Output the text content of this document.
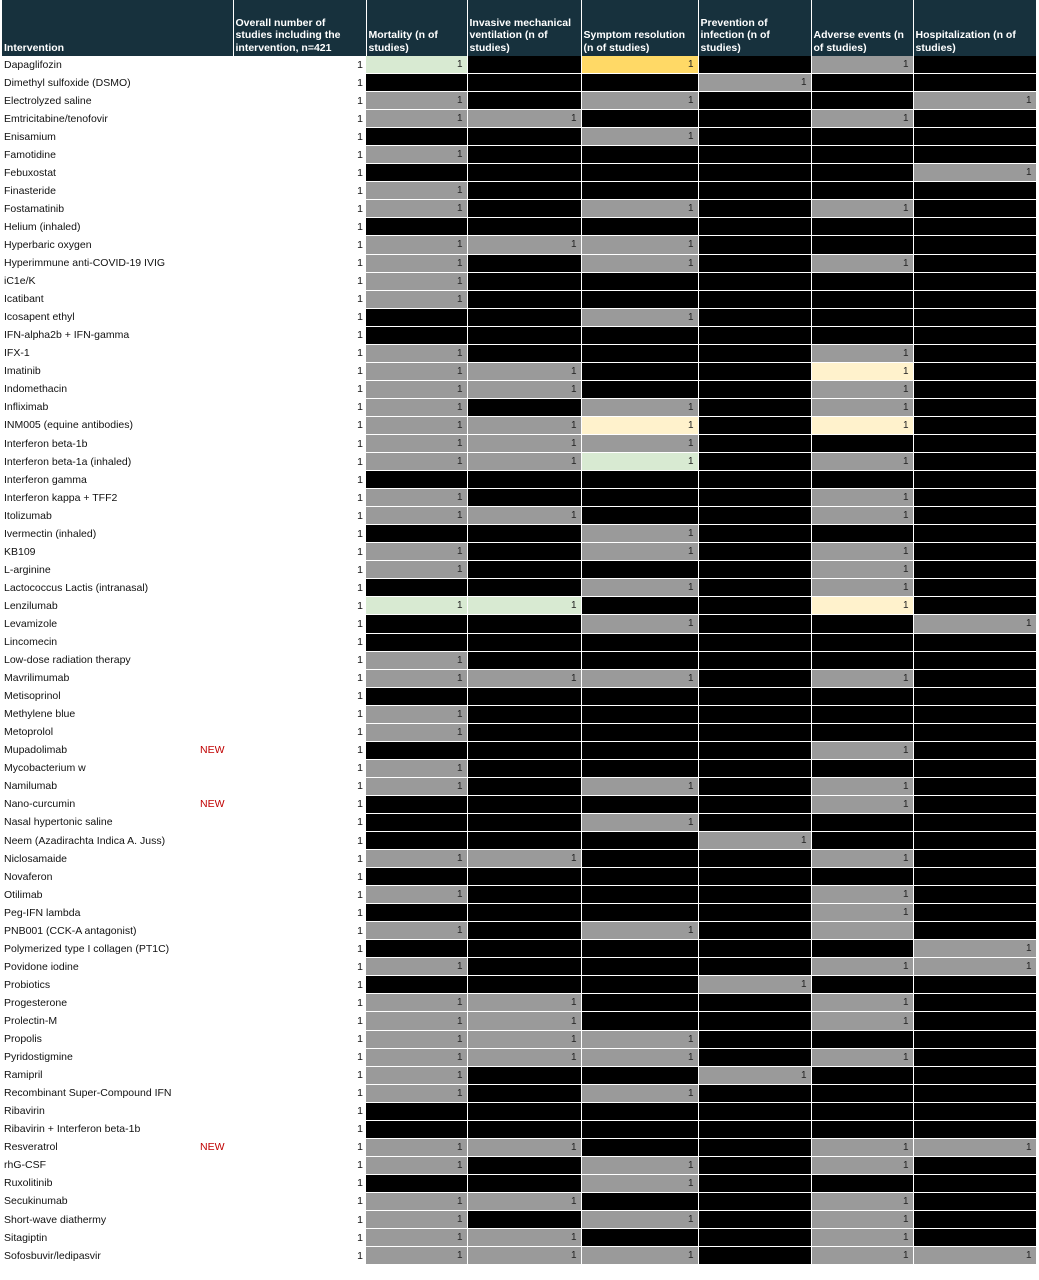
Intervention		Overall number of studies including the intervention, n=421	Mortality (n of studies)	Invasive mechanical ventilation (n of studies)	Symptom resolution (n of studies)	Prevention of infection (n of studies)	Adverse events (n of studies)	Hospitalization (n of studies)
Dapaglifozin		1	1		1		1	
Dimethyl sulfoxide (DSMO)		1				1		
Electrolyzed saline		1	1		1			1
Emtricitabine/tenofovir		1	1	1			1	
Enisamium		1			1			
Famotidine		1	1					
Febuxostat		1						1
Finasteride		1	1					
Fostamatinib		1	1		1		1	
Helium (inhaled)		1						
Hyperbaric oxygen		1	1	1	1			
Hyperimmune anti-COVID-19 IVIG		1	1		1		1	
iC1e/K		1	1					
Icatibant		1	1					
Icosapent ethyl		1			1			
IFN-alpha2b + IFN-gamma		1						
IFX-1		1	1				1	
Imatinib		1	1	1			1	
Indomethacin		1	1	1			1	
Infliximab		1	1		1		1	
INM005 (equine antibodies)		1	1	1	1		1	
Interferon beta-1b		1	1	1	1			
Interferon beta-1a (inhaled)		1	1	1	1		1	
Interferon gamma		1						
Interferon kappa + TFF2		1	1				1	
Itolizumab		1	1	1			1	
Ivermectin (inhaled)		1			1			
KB109		1	1		1		1	
L-arginine		1	1				1	
Lactococcus Lactis (intranasal)		1			1		1	
Lenzilumab		1	1	1			1	
Levamizole		1			1			1
Lincomecin		1						
Low-dose radiation therapy		1	1					
Mavrilimumab		1	1	1	1		1	
Metisoprinol		1						
Methylene blue		1	1					
Metoprolol		1	1					
Mupadolimab	NEW	1					1	
Mycobacterium w		1	1					
Namilumab		1	1		1		1	
Nano-curcumin	NEW	1					1	
Nasal hypertonic saline		1			1			
Neem (Azadirachta Indica A. Juss)		1				1		
Niclosamaide		1	1	1			1	
Novaferon		1						
Otilimab		1	1				1	
Peg-IFN lambda		1					1	
PNB001 (CCK-A antagonist)		1	1		1			
Polymerized type I collagen (PT1C)		1						1
Povidone iodine		1	1				1	1
Probiotics		1				1		
Progesterone		1	1	1			1	
Prolectin-M		1	1	1			1	
Propolis		1	1	1	1			
Pyridostigmine		1	1	1	1		1	
Ramipril		1	1			1		
Recombinant Super-Compound IFN		1	1		1			
Ribavirin		1						
Ribavirin + Interferon beta-1b		1						
Resveratrol	NEW	1	1	1			1	1
rhG-CSF		1	1		1		1	
Ruxolitinib		1			1			
Secukinumab		1	1	1			1	
Short-wave diathermy		1	1		1		1	
Sitagiptin		1	1	1			1	
Sofosbuvir/ledipasvir		1	1	1	1		1	1
